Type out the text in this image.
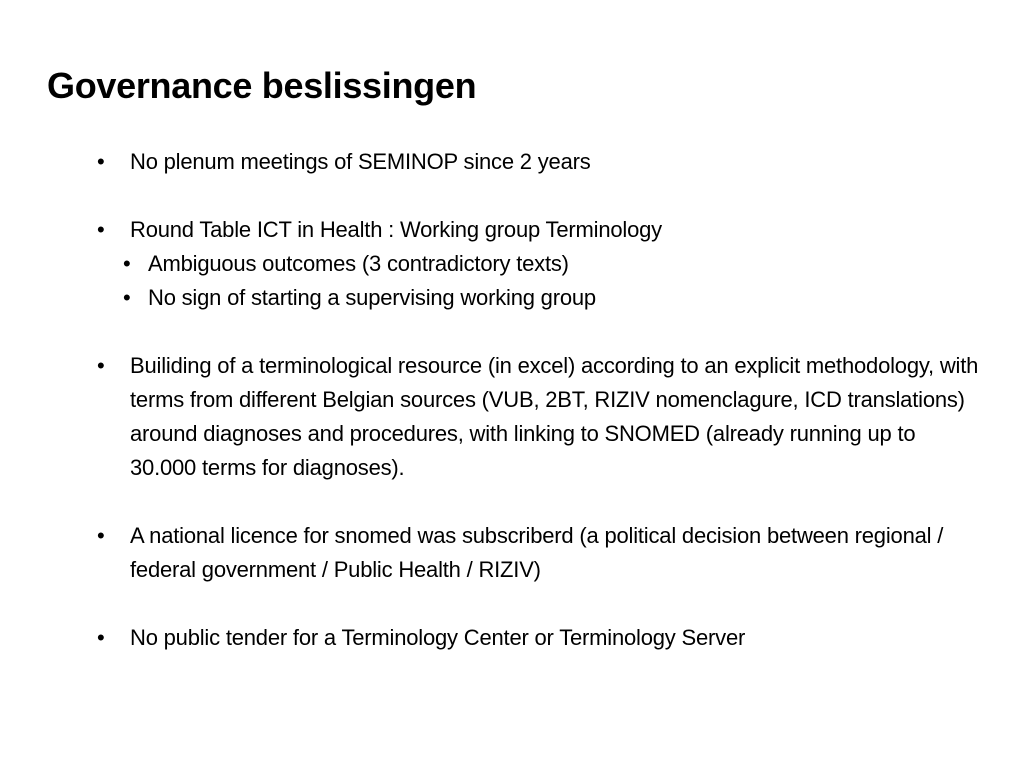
Governance beslissingen
• No plenum meetings of SEMINOP since 2 years
• Round Table ICT in Health : Working group Terminology
• Ambiguous outcomes (3 contradictory texts)
• No sign of starting a supervising working group
• Builiding of a terminological resource (in excel) according to an explicit methodology, with terms from different Belgian sources (VUB, 2BT, RIZIV nomenclagure, ICD translations) around diagnoses and procedures, with linking to SNOMED (already running up to 30.000 terms for diagnoses).
• A national licence for snomed was subscriberd (a political decision between regional / federal government / Public Health / RIZIV)
• No public tender for a Terminology Center or Terminology Server
